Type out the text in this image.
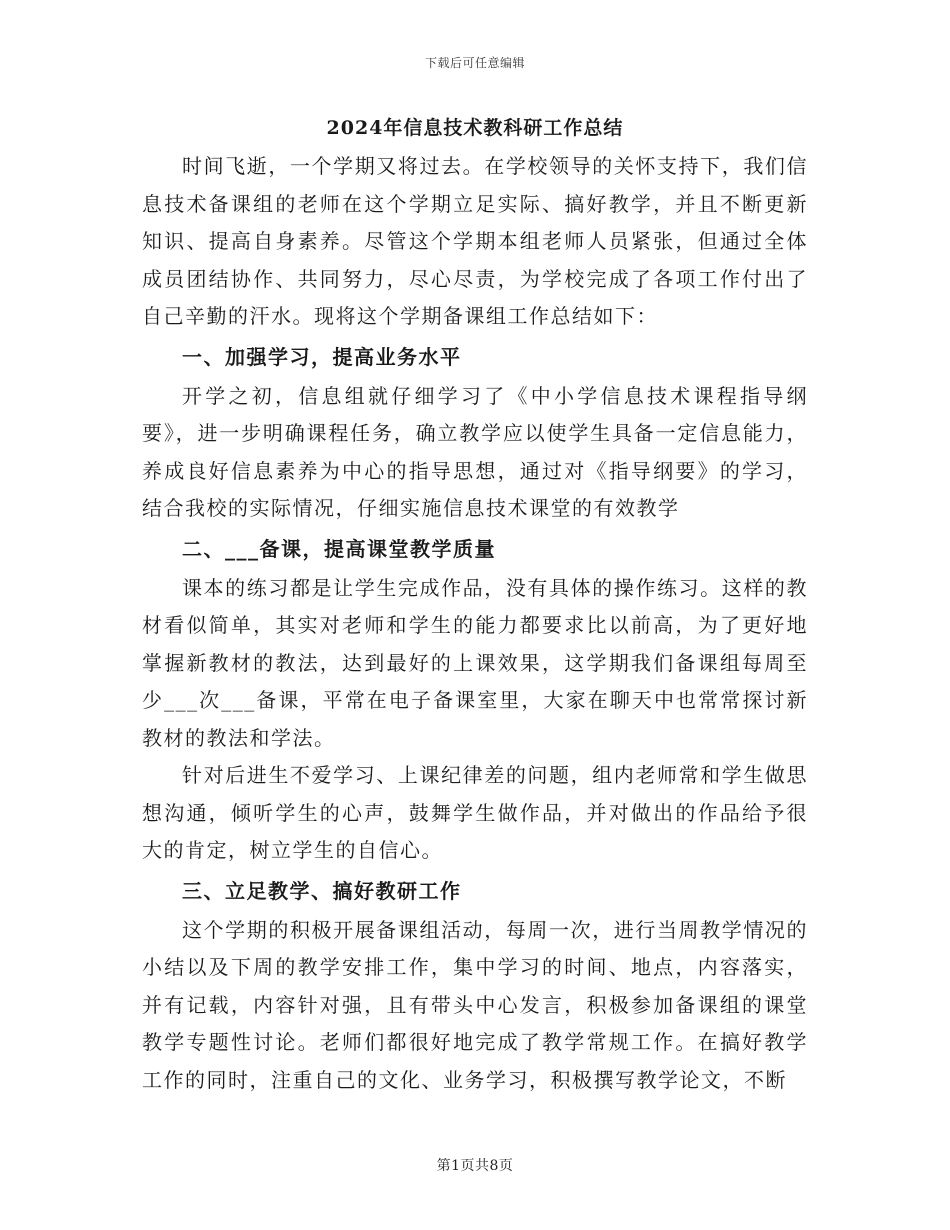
下载后可任意编辑
2024年信息技术教科研工作总结

时间飞逝，一个学期又将过去。在学校领导的关怀支持下，我们信息技术备课组的老师在这个学期立足实际、搞好教学，并且不断更新知识、提高自身素养。尽管这个学期本组老师人员紧张，但通过全体成员团结协作、共同努力，尽心尽责，为学校完成了各项工作付出了自己辛勤的汗水。现将这个学期备课组工作总结如下：

一、加强学习，提高业务水平

开学之初，信息组就仔细学习了《中小学信息技术课程指导纲要》，进一步明确课程任务，确立教学应以使学生具备一定信息能力，养成良好信息素养为中心的指导思想，通过对《指导纲要》的学习，结合我校的实际情况，仔细实施信息技术课堂的有效教学

二、___备课，提高课堂教学质量

课本的练习都是让学生完成作品，没有具体的操作练习。这样的教材看似简单，其实对老师和学生的能力都要求比以前高，为了更好地掌握新教材的教法，达到最好的上课效果，这学期我们备课组每周至少___次___备课，平常在电子备课室里，大家在聊天中也常常探讨新教材的教法和学法。

针对后进生不爱学习、上课纪律差的问题，组内老师常和学生做思想沟通，倾听学生的心声，鼓舞学生做作品，并对做出的作品给予很大的肯定，树立学生的自信心。

三、立足教学、搞好教研工作

这个学期的积极开展备课组活动，每周一次，进行当周教学情况的小结以及下周的教学安排工作，集中学习的时间、地点，内容落实，并有记载，内容针对强，且有带头中心发言，积极参加备课组的课堂教学专题性讨论。老师们都很好地完成了教学常规工作。在搞好教学工作的同时，注重自己的文化、业务学习，积极撰写教学论文，不断

第1页共8页
